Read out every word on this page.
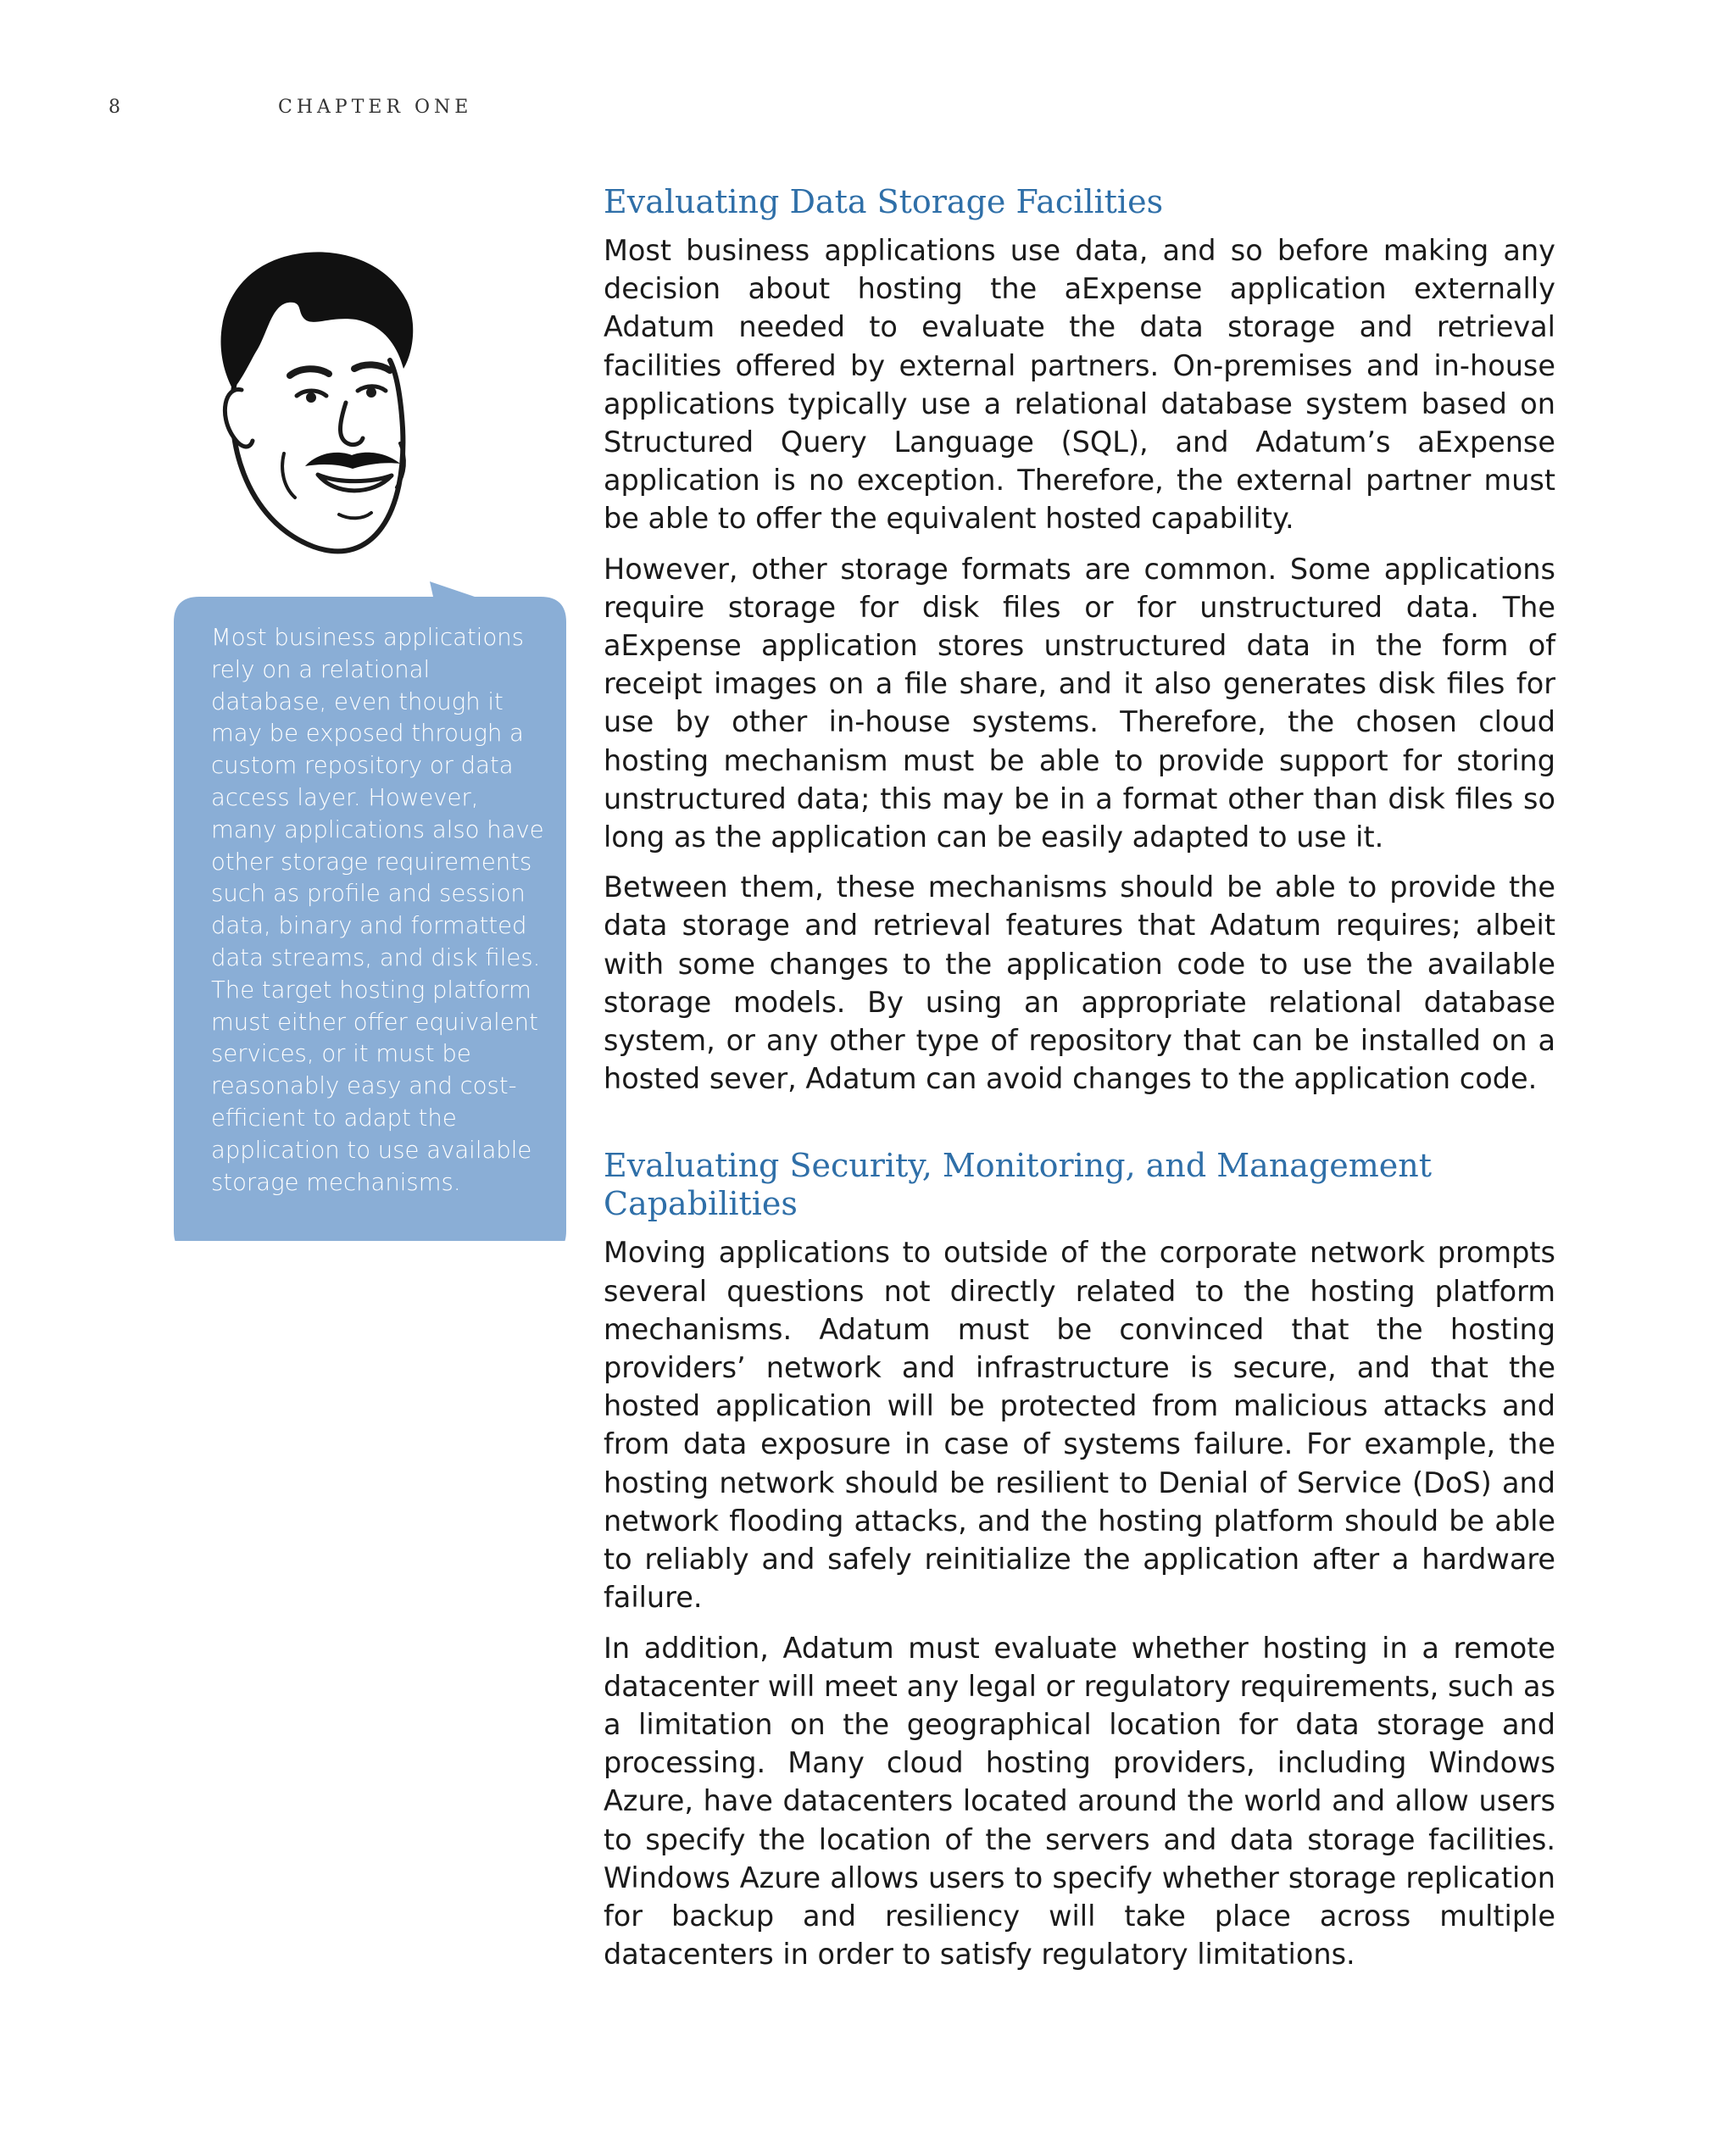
8	CHAPTER ONE

Most business applications rely on a relational database, even though it may be exposed through a custom repository or data access layer. However, many applications also have other storage requirements such as profile and session data, binary and formatted data streams, and disk files. The target hosting platform must either offer equivalent services, or it must be reasonably easy and cost-efficient to adapt the application to use available storage mechanisms.

Evaluating Data Storage Facilities

Most business applications use data, and so before making any decision about hosting the aExpense application externally Adatum needed to evaluate the data storage and retrieval facilities offered by external partners. On-premises and in-house applications typically use a relational database system based on Structured Query Language (SQL), and Adatum’s aExpense application is no exception. Therefore, the external partner must be able to offer the equivalent hosted capability.

However, other storage formats are common. Some applications require storage for disk files or for unstructured data. The aExpense application stores unstructured data in the form of receipt images on a file share, and it also generates disk files for use by other in-house systems. Therefore, the chosen cloud hosting mechanism must be able to provide support for storing unstructured data; this may be in a format other than disk files so long as the application can be easily adapted to use it.

Between them, these mechanisms should be able to provide the data storage and retrieval features that Adatum requires; albeit with some changes to the application code to use the available storage models. By using an appropriate relational database system, or any other type of repository that can be installed on a hosted sever, Adatum can avoid changes to the application code.

Evaluating Security, Monitoring, and Management Capabilities

Moving applications to outside of the corporate network prompts several questions not directly related to the hosting platform mechanisms. Adatum must be convinced that the hosting providers’ network and infrastructure is secure, and that the hosted application will be protected from malicious attacks and from data exposure in case of systems failure. For example, the hosting network should be resilient to Denial of Service (DoS) and network flooding attacks, and the hosting platform should be able to reliably and safely reinitialize the application after a hardware failure.

In addition, Adatum must evaluate whether hosting in a remote datacenter will meet any legal or regulatory requirements, such as a limitation on the geographical location for data storage and processing. Many cloud hosting providers, including Windows Azure, have datacenters located around the world and allow users to specify the location of the servers and data storage facilities. Windows Azure allows users to specify whether storage replication for backup and resiliency will take place across multiple datacenters in order to satisfy regulatory limitations.
